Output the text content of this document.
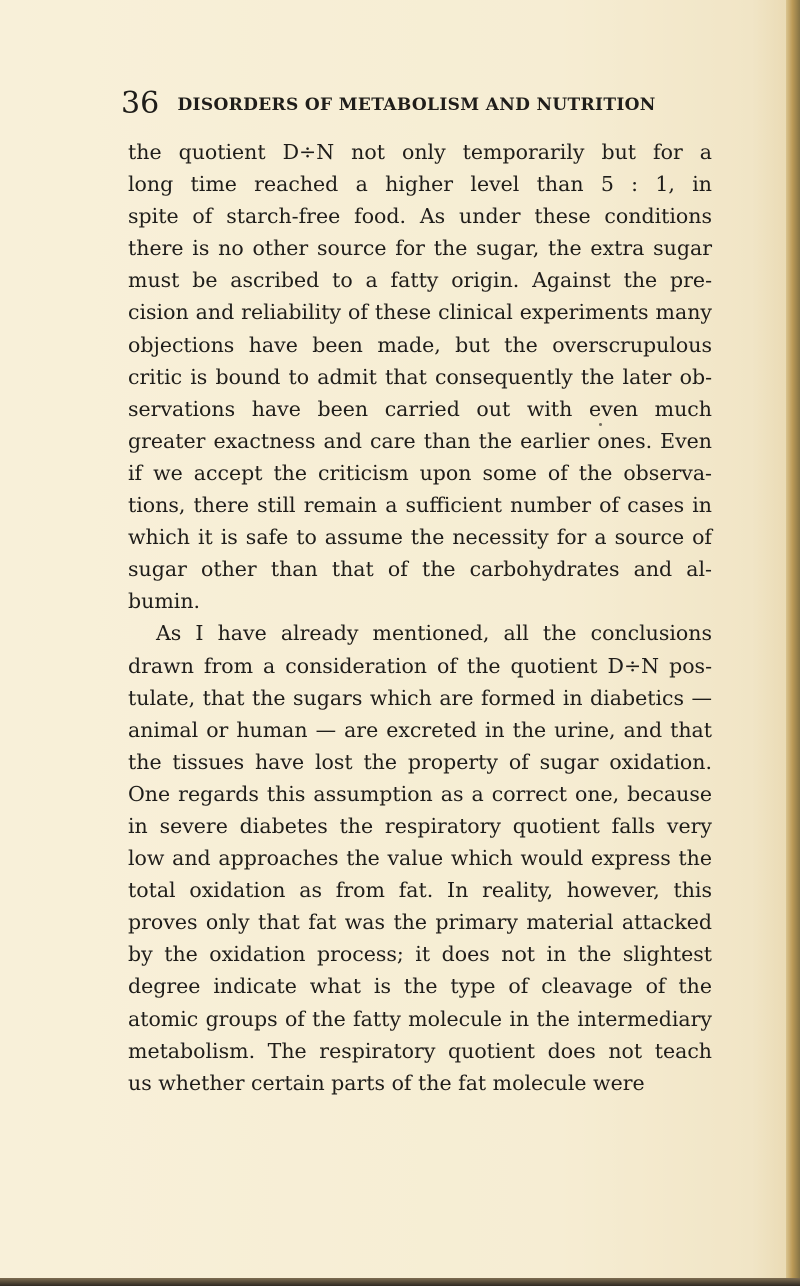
36 DISORDERS OF METABOLISM AND NUTRITION
the quotient D÷N not only temporarily but for a
long time reached a higher level than 5 : 1, in
spite of starch-free food. As under these conditions
there is no other source for the sugar, the extra sugar
must be ascribed to a fatty origin. Against the pre-
cision and reliability of these clinical experiments many
objections have been made, but the overscrupulous
critic is bound to admit that consequently the later ob-
servations have been carried out with even much
greater exactness and care than the earlier ones. Even
if we accept the criticism upon some of the observa-
tions, there still remain a sufficient number of cases in
which it is safe to assume the necessity for a source of
sugar other than that of the carbohydrates and al-
bumin.
As I have already mentioned, all the conclusions
drawn from a consideration of the quotient D÷N pos-
tulate, that the sugars which are formed in diabetics —
animal or human — are excreted in the urine, and that
the tissues have lost the property of sugar oxidation.
One regards this assumption as a correct one, because
in severe diabetes the respiratory quotient falls very
low and approaches the value which would express the
total oxidation as from fat. In reality, however, this
proves only that fat was the primary material attacked
by the oxidation process; it does not in the slightest
degree indicate what is the type of cleavage of the
atomic groups of the fatty molecule in the intermediary
metabolism. The respiratory quotient does not teach
us whether certain parts of the fat molecule were
